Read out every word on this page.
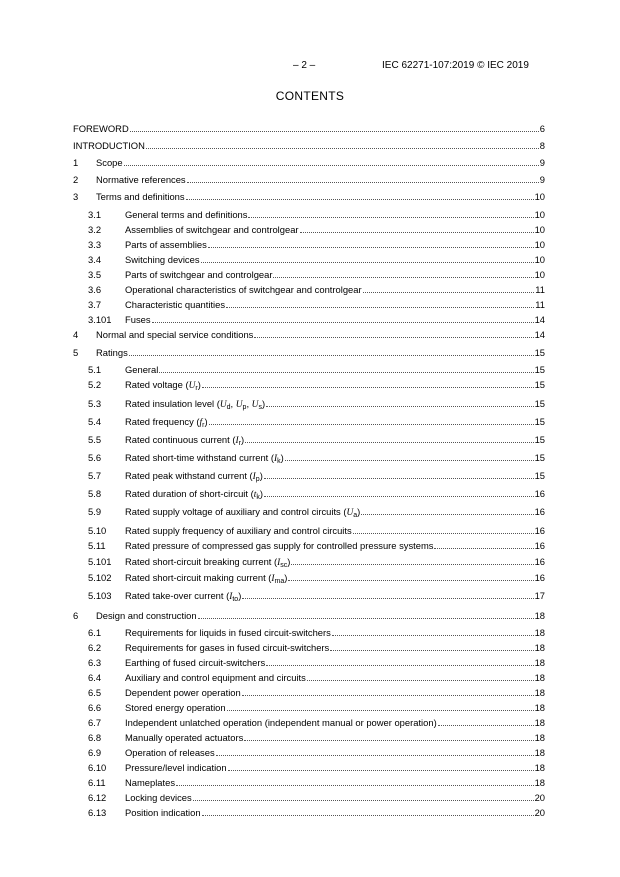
– 2 –	IEC 62271-107:2019 © IEC 2019
CONTENTS
FOREWORD	6
INTRODUCTION	8
1	Scope	9
2	Normative references	9
3	Terms and definitions	10
3.1	General terms and definitions	10
3.2	Assemblies of switchgear and controlgear	10
3.3	Parts of assemblies	10
3.4	Switching devices	10
3.5	Parts of switchgear and controlgear	10
3.6	Operational characteristics of switchgear and controlgear	11
3.7	Characteristic quantities	11
3.101	Fuses	14
4	Normal and special service conditions	14
5	Ratings	15
5.1	General	15
5.2	Rated voltage $(U_r)$	15
5.3	Rated insulation level ($U_d$, $U_p$, $U_s$)	15
5.4	Rated frequency $(f_r)$	15
5.5	Rated continuous current $(I_r)$	15
5.6	Rated short-time withstand current $(I_k)$	15
5.7	Rated peak withstand current $(I_p)$	15
5.8	Rated duration of short-circuit $(t_k)$	16
5.9	Rated supply voltage of auxiliary and control circuits $(U_a)$	16
5.10	Rated supply frequency of auxiliary and control circuits	16
5.11	Rated pressure of compressed gas supply for controlled pressure systems	16
5.101	Rated short-circuit breaking current $(I_{sc})$	16
5.102	Rated short-circuit making current $(I_{ma})$	16
5.103	Rated take-over current $(I_{to})$	17
6	Design and construction	18
6.1	Requirements for liquids in fused circuit-switchers	18
6.2	Requirements for gases in fused circuit-switchers	18
6.3	Earthing of fused circuit-switchers	18
6.4	Auxiliary and control equipment and circuits	18
6.5	Dependent power operation	18
6.6	Stored energy operation	18
6.7	Independent unlatched operation (independent manual or power operation)	18
6.8	Manually operated actuators	18
6.9	Operation of releases	18
6.10	Pressure/level indication	18
6.11	Nameplates	18
6.12	Locking devices	20
6.13	Position indication	20
